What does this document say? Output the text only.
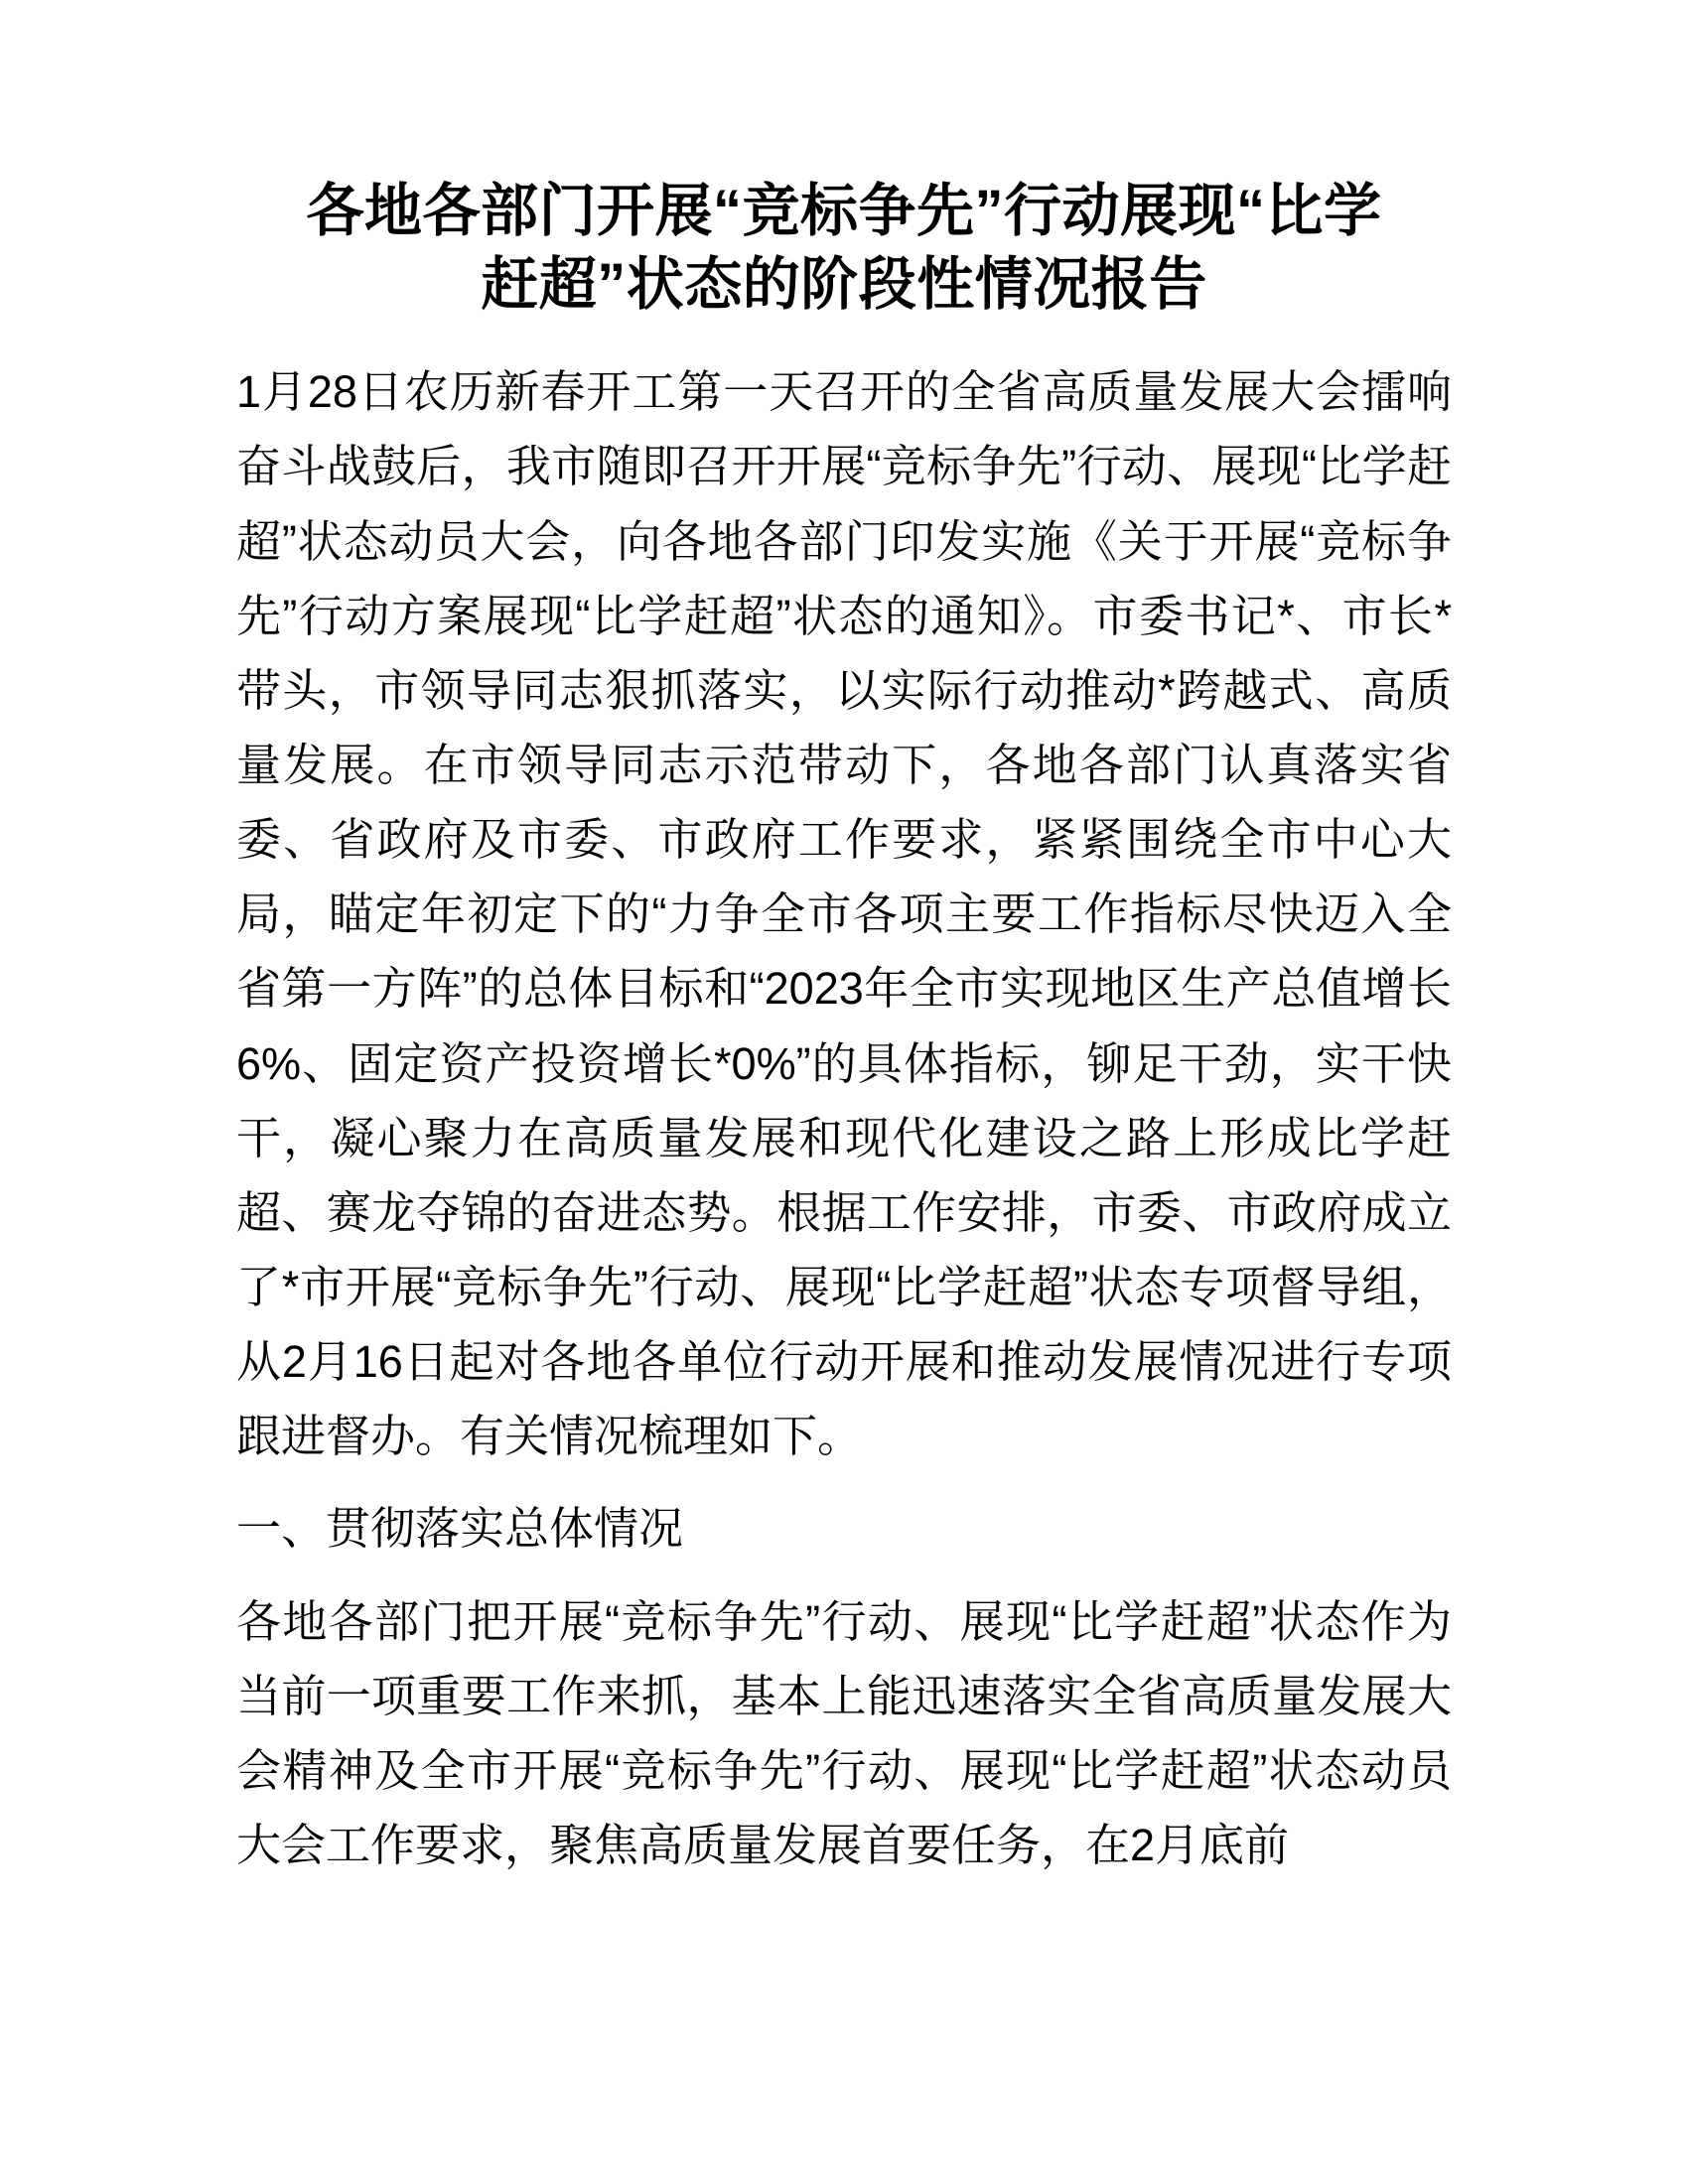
各地各部门开展“竞标争先”行动展现“比学
赶超”状态的阶段性情况报告

1月28日农历新春开工第一天召开的全省高质量发展大会擂响奋斗战鼓后，我市随即召开开展“竞标争先”行动、展现“比学赶超”状态动员大会，向各地各部门印发实施《关于开展“竞标争先”行动方案展现“比学赶超”状态的通知》。市委书记*、市长*带头，市领导同志狠抓落实，以实际行动推动*跨越式、高质量发展。在市领导同志示范带动下，各地各部门认真落实省委、省政府及市委、市政府工作要求，紧紧围绕全市中心大局，瞄定年初定下的“力争全市各项主要工作指标尽快迈入全省第一方阵”的总体目标和“2023年全市实现地区生产总值增长6%、固定资产投资增长*0%”的具体指标，铆足干劲，实干快干，凝心聚力在高质量发展和现代化建设之路上形成比学赶超、赛龙夺锦的奋进态势。根据工作安排，市委、市政府成立了*市开展“竞标争先”行动、展现“比学赶超”状态专项督导组，从2月16日起对各地各单位行动开展和推动发展情况进行专项跟进督办。有关情况梳理如下。

一、贯彻落实总体情况

各地各部门把开展“竞标争先”行动、展现“比学赶超”状态作为当前一项重要工作来抓，基本上能迅速落实全省高质量发展大会精神及全市开展“竞标争先”行动、展现“比学赶超”状态动员大会工作要求，聚焦高质量发展首要任务，在2月底前
